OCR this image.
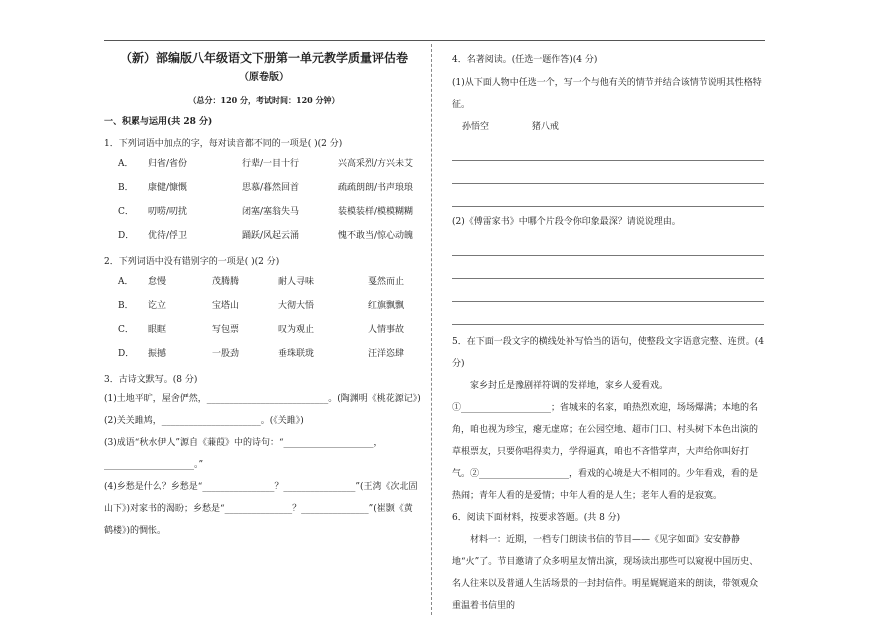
（新）部编版八年级语文下册第一单元教学质量评估卷
（原卷版）
（总分：120 分，考试时间：120 分钟）
一、积累与运用(共 28 分)
1．下列词语中加点的字，每对读音都不同的一项是( )(2 分)
A．	归省/省份	行辈/一目十行	兴高采烈/方兴未艾
B．	康健/慷慨	思慕/暮然回首	疏疏朗朗/书声琅琅
C．	叨唠/叨扰	闭塞/塞翁失马	装模装样/模模糊糊
D．	优待/俘卫	踊跃/风起云涌	愧不敢当/惊心动魄
2．下列词语中没有错别字的一项是( )(2 分)
A．	怠慢	茂腾腾	耐人寻味	戛然而止
B．	讫立	宝塔山	大彻大悟	红旗飘飘
C．	眼眶	写包票	叹为观止	人情事故
D．	振撼	一股劲	垂珠联珑	汪洋恣肆
3．古诗文默写。(8 分)
(1)土地平旷，屋舍俨然，___________________________。(陶渊明《桃花源记》)
(2)关关雎鸠，______________________。(《关雎》)
(3)成语“秋水伊人”源自《蒹葭》中的诗句：“____________________，
____________________。”
(4)乡愁是什么？乡愁是“________________？________________”(王湾《次北固
山下》)对家书的渴盼；乡愁是“_______________？_______________”(崔颢《黄
鹤楼》)的惆怅。
4．名著阅读。(任选一题作答)(4 分)
(1)从下面人物中任选一个，写一个与他有关的情节并结合该情节说明其性格特征。
孙悟空	猪八戒
(2)《傅雷家书》中哪个片段令你印象最深？请说说理由。
5．在下面一段文字的横线处补写恰当的语句，使整段文字语意完整、连贯。(4 分)
家乡封丘是豫剧祥符调的发祥地，家乡人爱看戏。①____________________；省城来的名家，咱热烈欢迎，场场爆满；本地的名角，咱也视为珍宝，瘪无虚席；在公园空地、超市门口、村头树下本色出演的草根票友，只要你唱得卖力，学得逼真，咱也不吝惜掌声，大声给你叫好打气。②____________________，看戏的心境是大不相同的。少年看戏，看的是热闹；青年人看的是爱情；中年人看的是人生；老年人看的是寂寞。
6．阅读下面材料，按要求答题。(共 8 分)
材料一：近期，一档专门朗读书信的节目——《见字如面》安安静静地“火”了。节目邀请了众多明星友情出演，现场读出那些可以窥视中国历史、名人往来以及普通人生活场景的一封封信件。明星娓娓道来的朗读，带领观众重温着书信里的
